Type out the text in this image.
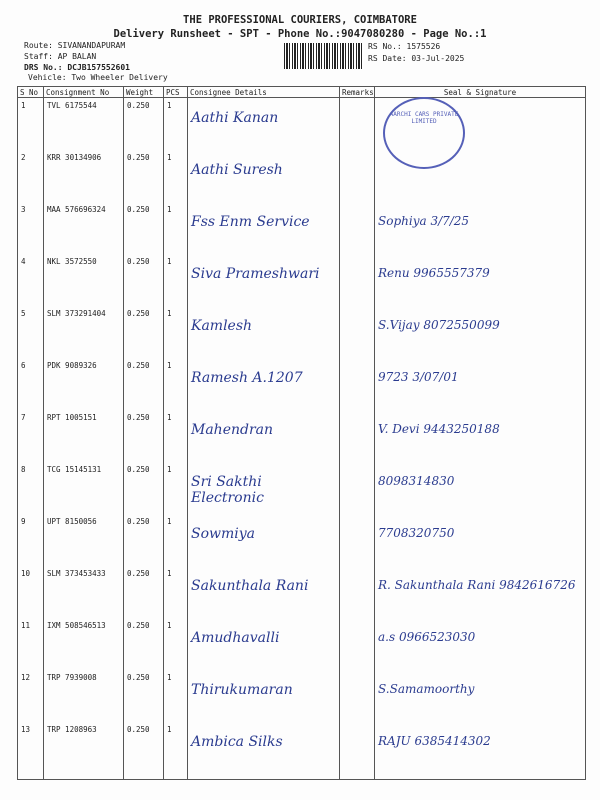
THE PROFESSIONAL COURIERS, COIMBATORE
Delivery Runsheet - SPT - Phone No.:9047080280 - Page No.:1
Route: SIVANANDAPURAM
Staff: AP BALAN
DRS No.: DCJB157552601
Vehicle: Two Wheeler Delivery
RS No.: 1575526
RS Date: 03-Jul-2025
S No	Consignment No	Weight	PCS	Consignee Details	Remarks	Seal & Signature
1	TVL 6175544	0.250	1	Aathi Kanan		
2	KRR 30134906	0.250	1	Aathi Suresh		
3	MAA 576696324	0.250	1	Fss Enm Service		Sophiya 3/7/25
4	NKL 3572550	0.250	1	Siva Prameshwari		Renu 9965557379
5	SLM 373291404	0.250	1	Kamlesh		S.Vijay 8072550099
6	PDK 9089326	0.250	1	Ramesh A.1207		9723 3/07/01
7	RPT 1005151	0.250	1	Mahendran		V. Devi 9443250188
8	TCG 15145131	0.250	1	Sri Sakthi Electronic		8098314830
9	UPT 8150056	0.250	1	Sowmiya		7708320750
10	SLM 373453433	0.250	1	Sakunthala Rani		R. Sakunthala Rani 9842616726
11	IXM 508546513	0.250	1	Amudhavalli		a.s 0966523030
12	TRP 7939008	0.250	1	Thirukumaran		S.Samamoorthy
13	TRP 1208963	0.250	1	Ambica Silks		RAJU 6385414302
AARCHI CARS PRIVATE LIMITED
